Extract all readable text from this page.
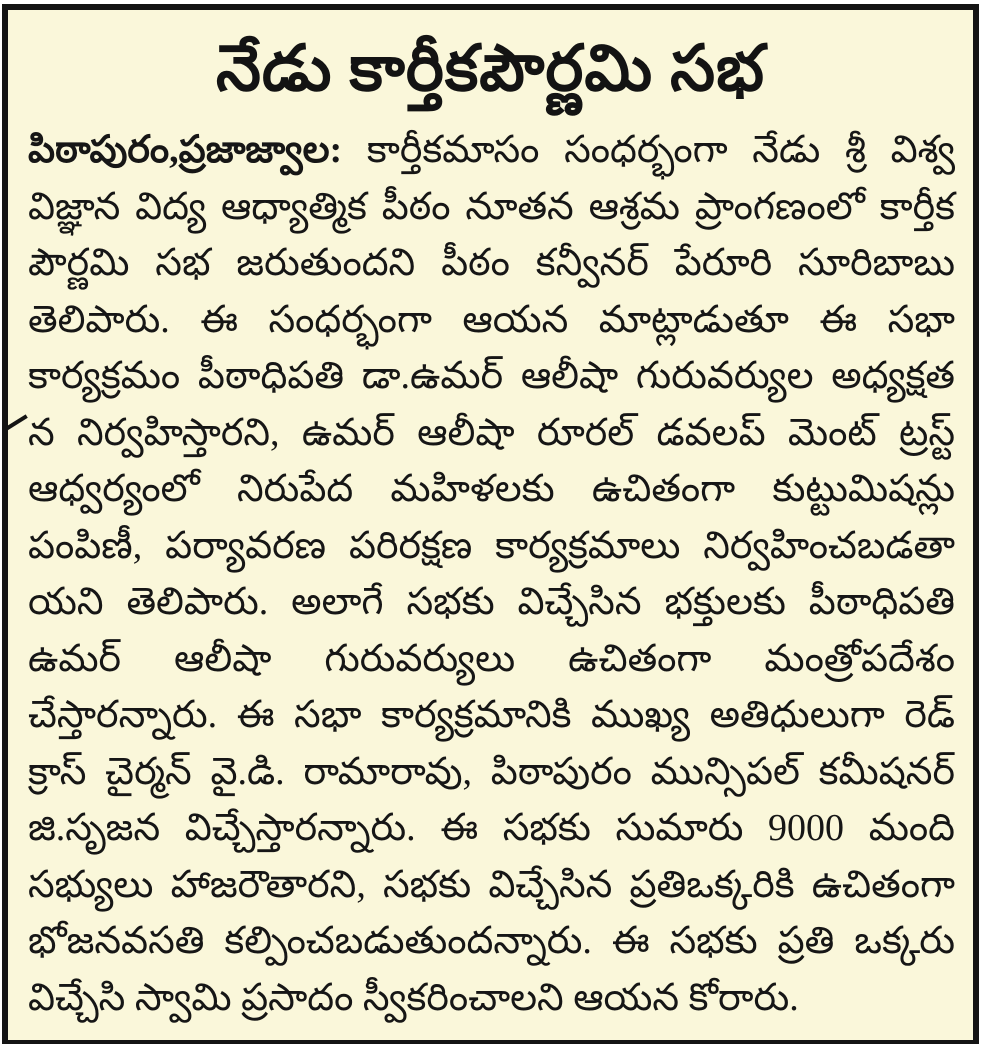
నేడు కార్తీకపౌర్ణమి సభ
పిఠాపురం,ప్రజాజ్వాల: కార్తీకమాసం సంధర్భంగా నేడు శ్రీ విశ్వ
విజ్ఞాన విద్య ఆధ్యాత్మిక పీఠం నూతన ఆశ్రమ ప్రాంగణంలో కార్తీక
పౌర్ణమి సభ జరుతుందని పీఠం కన్వీనర్ పేరూరి సూరిబాబు
తెలిపారు. ఈ సంధర్భంగా ఆయన మాట్లాడుతూ ఈ సభా
కార్యక్రమం పీఠాధిపతి డా.ఉమర్ ఆలీషా గురువర్యుల అధ్యక్షత
న నిర్వహిస్తారని, ఉమర్ ఆలీషా రూరల్ డవలప్ మెంట్ ట్రస్ట్
ఆధ్వర్యంలో నిరుపేద మహిళలకు ఉచితంగా కుట్టుమిషన్లు
పంపిణీ, పర్యావరణ పరిరక్షణ కార్యక్రమాలు నిర్వహించబడతా
యని తెలిపారు. అలాగే సభకు విచ్చేసిన భక్తులకు పీఠాధిపతి
ఉమర్ ఆలీషా గురువర్యులు ఉచితంగా మంత్రోపదేశం
చేస్తారన్నారు. ఈ సభా కార్యక్రమానికి ముఖ్య అతిధులుగా రెడ్
క్రాస్ చైర్మన్ వై.డి. రామారావు, పిఠాపురం మున్సిపల్ కమీషనర్
జి.సృజన విచ్చేస్తారన్నారు. ఈ సభకు సుమారు 9000 మంది
సభ్యులు హాజరౌతారని, సభకు విచ్చేసిన ప్రతిఒక్కరికి ఉచితంగా
భోజనవసతి కల్పించబడుతుందన్నారు. ఈ సభకు ప్రతి ఒక్కరు
విచ్చేసి స్వామి ప్రసాదం స్వీకరించాలని ఆయన కోరారు.
